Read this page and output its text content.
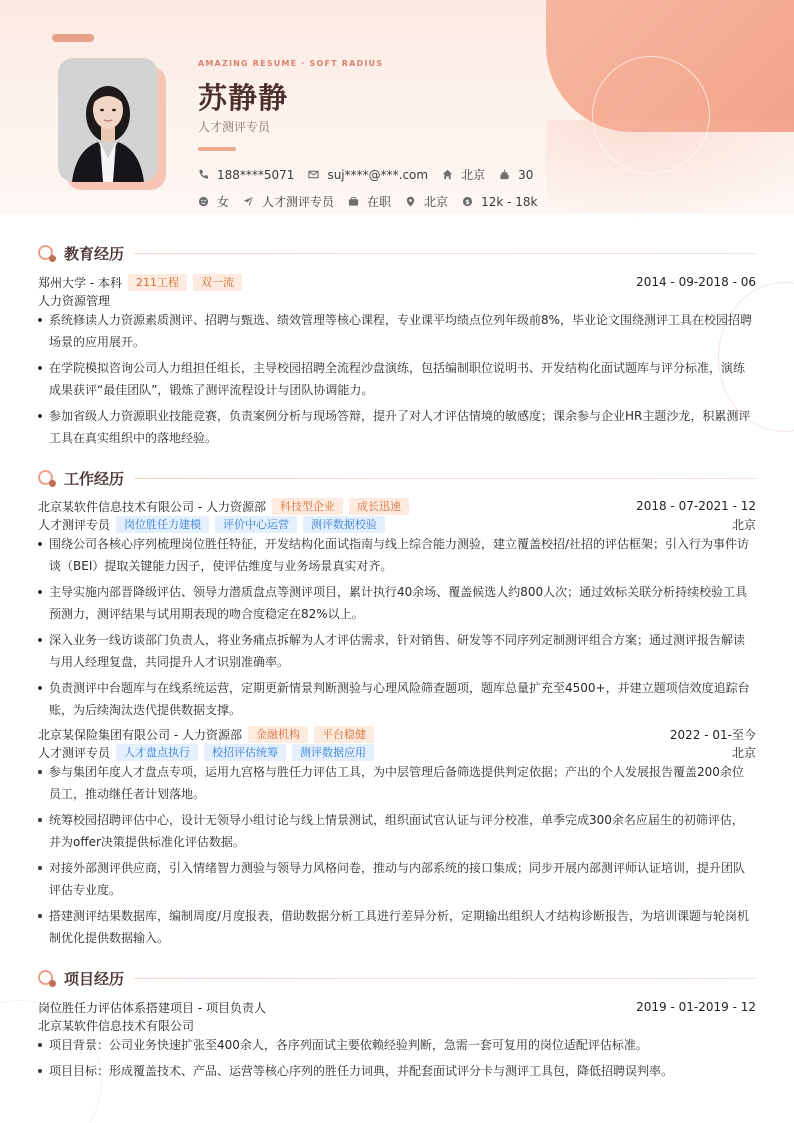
AMAZING RESUME · SOFT RADIUS
苏静静
人才测评专员
188****5071	suj****@***.com	北京	30
女	人才测评专员	在职	北京 $ 12k - 18k
教育经历
郑州大学 - 本科	211工程	双一流	2014 - 09-2018 - 06
人力资源管理
系统修读人力资源素质测评、招聘与甄选、绩效管理等核心课程，专业课平均绩点位列年级前8%，毕业论文围绕测评工具在校园招聘场景的应用展开。
在学院模拟咨询公司人力组担任组长，主导校园招聘全流程沙盘演练，包括编制职位说明书、开发结构化面试题库与评分标准，演练成果获评“最佳团队”，锻炼了测评流程设计与团队协调能力。
参加省级人力资源职业技能竞赛，负责案例分析与现场答辩，提升了对人才评估情境的敏感度；课余参与企业HR主题沙龙，积累测评工具在真实组织中的落地经验。
工作经历
北京某软件信息技术有限公司 - 人力资源部	科技型企业	成长迅速	2018 - 07-2021 - 12
人才测评专员	岗位胜任力建模	评价中心运营	测评数据校验	北京
围绕公司各核心序列梳理岗位胜任特征，开发结构化面试指南与线上综合能力测验，建立覆盖校招/社招的评估框架；引入行为事件访谈（BEI）提取关键能力因子，使评估维度与业务场景真实对齐。
主导实施内部晋降级评估、领导力潜质盘点等测评项目，累计执行40余场、覆盖候选人约800人次；通过效标关联分析持续校验工具预测力，测评结果与试用期表现的吻合度稳定在82%以上。
深入业务一线访谈部门负责人，将业务痛点拆解为人才评估需求，针对销售、研发等不同序列定制测评组合方案；通过测评报告解读与用人经理复盘，共同提升人才识别准确率。
负责测评中台题库与在线系统运营，定期更新情景判断测验与心理风险筛查题项，题库总量扩充至4500+，并建立题项信效度追踪台账，为后续淘汰迭代提供数据支撑。
北京某保险集团有限公司 - 人力资源部	金融机构	平台稳健	2022 - 01-至今
人才测评专员	人才盘点执行	校招评估统筹	测评数据应用	北京
参与集团年度人才盘点专项，运用九宫格与胜任力评估工具，为中层管理后备筛选提供判定依据；产出的个人发展报告覆盖200余位员工，推动继任者计划落地。
统筹校园招聘评估中心，设计无领导小组讨论与线上情景测试，组织面试官认证与评分校准，单季完成300余名应届生的初筛评估，并为offer决策提供标准化评估数据。
对接外部测评供应商，引入情绪智力测验与领导力风格问卷，推动与内部系统的接口集成；同步开展内部测评师认证培训，提升团队评估专业度。
搭建测评结果数据库，编制周度/月度报表，借助数据分析工具进行差异分析，定期输出组织人才结构诊断报告，为培训课题与轮岗机制优化提供数据输入。
项目经历
岗位胜任力评估体系搭建项目 - 项目负责人	2019 - 01-2019 - 12
北京某软件信息技术有限公司
项目背景：公司业务快速扩张至400余人，各序列面试主要依赖经验判断，急需一套可复用的岗位适配评估标准。
项目目标：形成覆盖技术、产品、运营等核心序列的胜任力词典，并配套面试评分卡与测评工具包，降低招聘误判率。
